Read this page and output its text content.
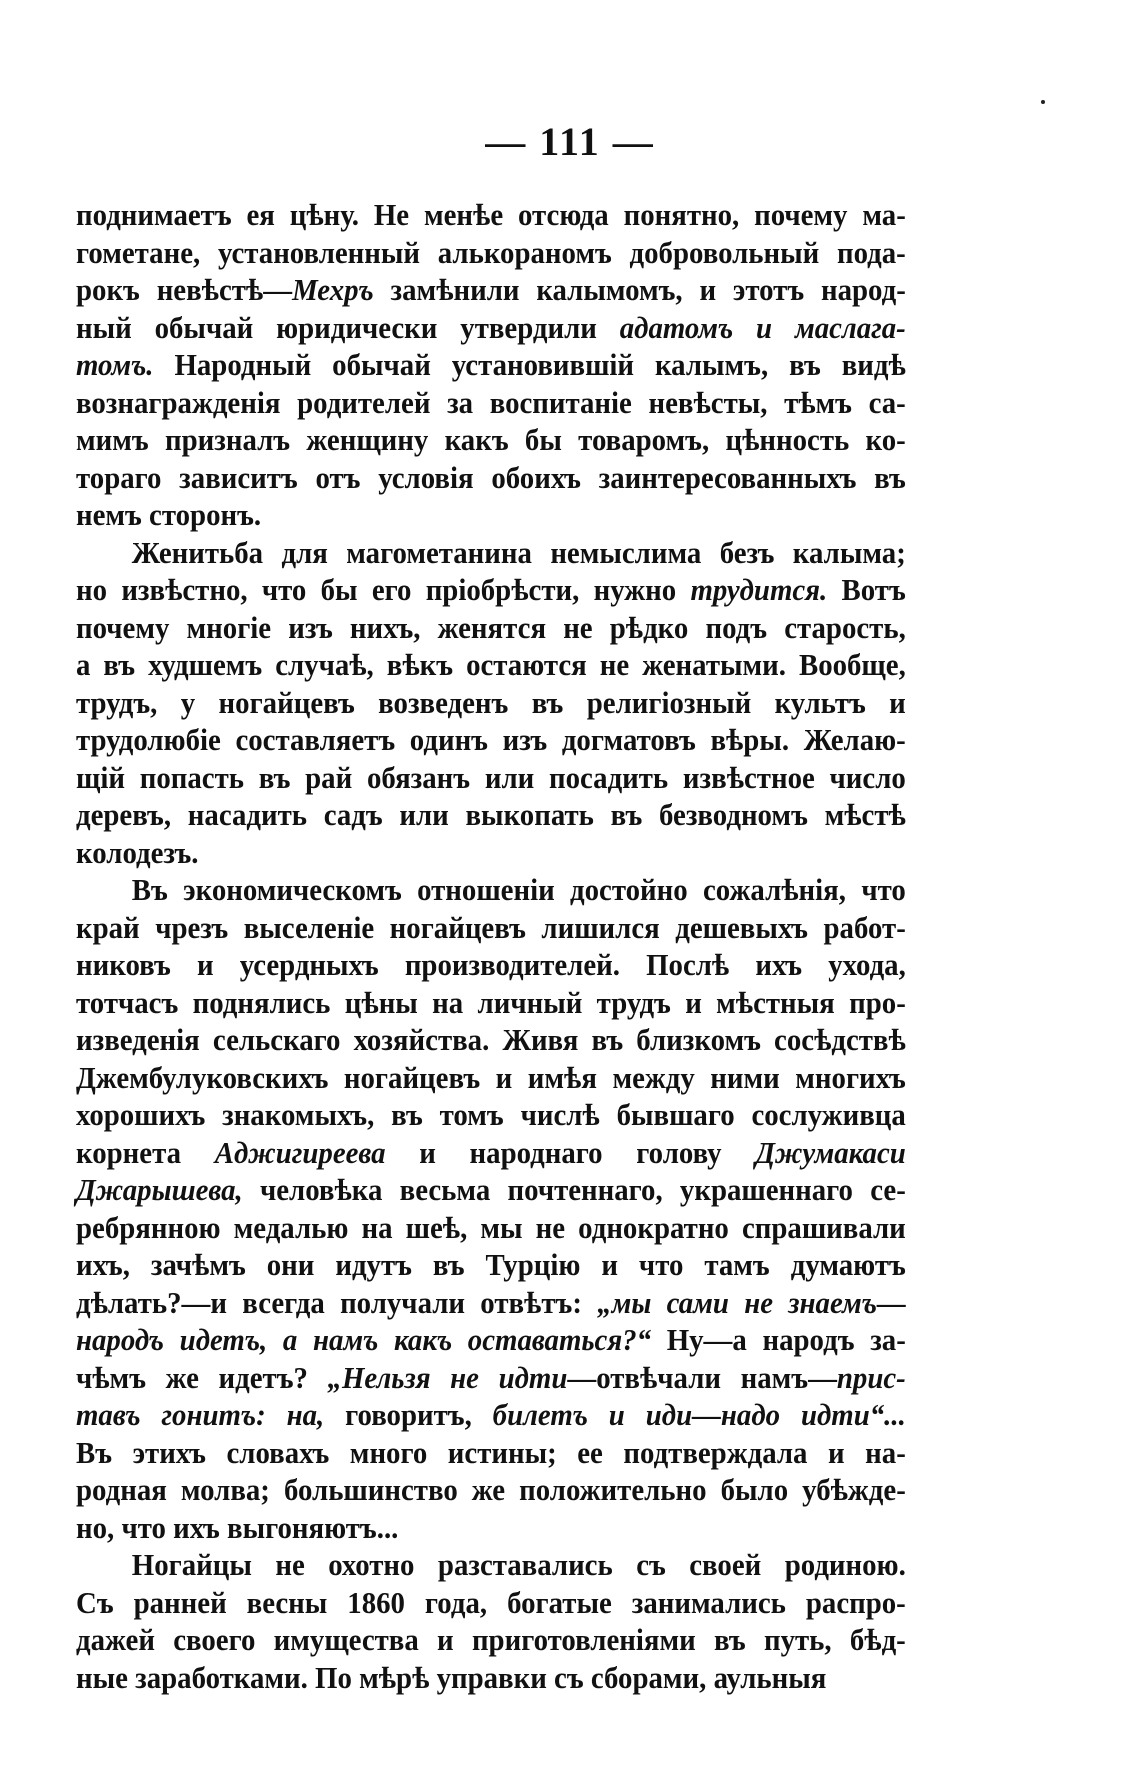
— 111 —
поднимаетъ ея цѣну. Не менѣе отсюда понятно, почему ма-
гометане, установленный алькораномъ добровольный пода-
рокъ невѣстѣ—Мехръ замѣнили калымомъ, и этотъ народ-
ный обычай юридически утвердили адатомъ и маслага-
томъ. Народный обычай установившій калымъ, въ видѣ
вознагражденія родителей за воспитаніе невѣсты, тѣмъ са-
мимъ призналъ женщину какъ бы товаромъ, цѣнность ко-
тораго зависитъ отъ условія обоихъ заинтересованныхъ въ
немъ сторонъ.
Женитьба для магометанина немыслима безъ калыма;
но извѣстно, что бы его пріобрѣсти, нужно трудится. Вотъ
почему многіе изъ нихъ, женятся не рѣдко подъ старость,
а въ худшемъ случаѣ, вѣкъ остаются не женатыми. Вообще,
трудъ, у ногайцевъ возведенъ въ религіозный культъ и
трудолюбіе составляетъ одинъ изъ догматовъ вѣры. Желаю-
щій попасть въ рай обязанъ или посадить извѣстное число
деревъ, насадить садъ или выкопать въ безводномъ мѣстѣ
колодезъ.
Въ экономическомъ отношеніи достойно сожалѣнія, что
край чрезъ выселеніе ногайцевъ лишился дешевыхъ работ-
никовъ и усердныхъ производителей. Послѣ ихъ ухода,
тотчасъ поднялись цѣны на личный трудъ и мѣстныя про-
изведенія сельскаго хозяйства. Живя въ близкомъ сосѣдствѣ
Джембулуковскихъ ногайцевъ и имѣя между ними многихъ
хорошихъ знакомыхъ, въ томъ числѣ бывшаго сослуживца
корнета Аджигиреева и народнаго голову Джумакаси
Джарышева, человѣка весьма почтеннаго, украшеннаго се-
ребрянною медалью на шеѣ, мы не однократно спрашивали
ихъ, зачѣмъ они идутъ въ Турцію и что тамъ думаютъ
дѣлать?—и всегда получали отвѣтъ: „мы сами не знаемъ—
народъ идетъ, а намъ какъ оставаться?“ Ну—а народъ за-
чѣмъ же идетъ? „Нельзя не идти—отвѣчали намъ—прис-
тавъ гонитъ: на, говоритъ, билетъ и иди—надо идти“...
Въ этихъ словахъ много истины; ее подтверждала и на-
родная молва; большинство же положительно было убѣжде-
но, что ихъ выгоняютъ...
Ногайцы не охотно разставались съ своей родиною.
Съ ранней весны 1860 года, богатые занимались распро-
дажей своего имущества и приготовленіями въ путь, бѣд-
ные заработками. По мѣрѣ управки съ сборами, аульныя
